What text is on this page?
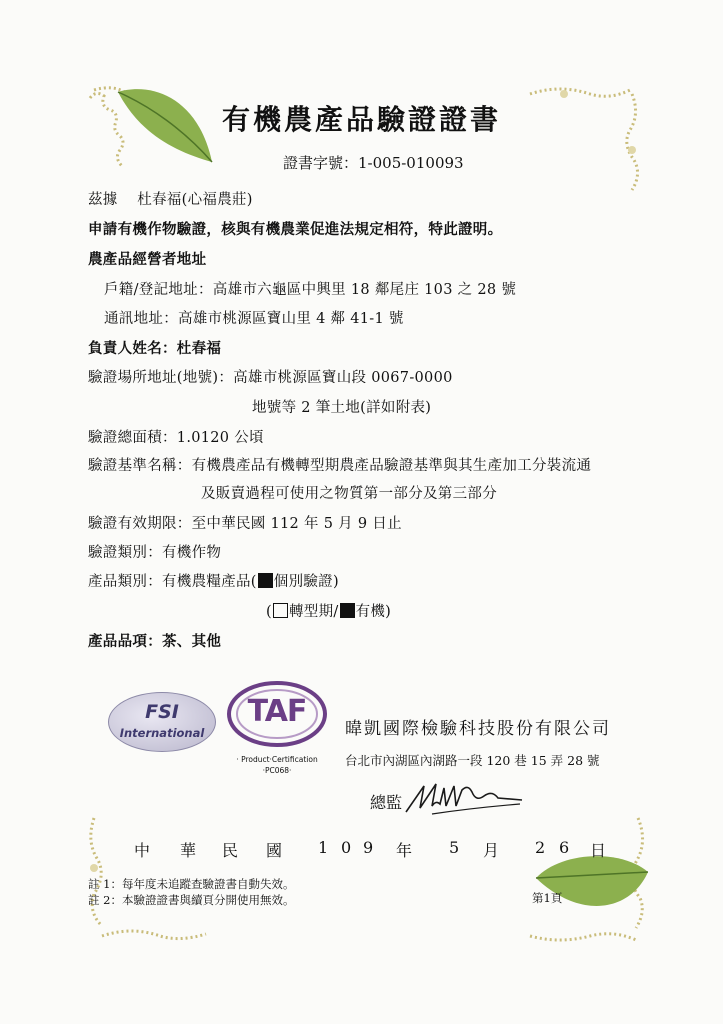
有機農產品驗證證書
證書字號：1-005-010093
茲據 杜春福(心福農莊)
申請有機作物驗證，核與有機農業促進法規定相符，特此證明。
農產品經營者地址
戶籍/登記地址：高雄市六龜區中興里 18 鄰尾庄 103 之 28 號
通訊地址：高雄市桃源區寶山里 4 鄰 41-1 號
負責人姓名：杜春福
驗證場所地址(地號)：高雄市桃源區寶山段 0067-0000
地號等 2 筆土地(詳如附表)
驗證總面積：1.0120 公頃
驗證基準名稱：有機農產品有機轉型期農產品驗證基準與其生產加工分裝流通
及販賣過程可使用之物質第一部分及第三部分
驗證有效期限：至中華民國 112 年 5 月 9 日止
驗證類別：有機作物
產品類別：有機農糧產品( 個別驗證)
( 轉型期/ 有機)
產品品項：茶、其他
FSI
International
TAF
· Product·Certification
·PC068·
暐凱國際檢驗科技股份有限公司
台北市內湖區內湖路一段 120 巷 15 弄 28 號
總監
中 華 民 國 1 0 9 年 5 月 2 6 日
註 1：每年度未追蹤查驗證書自動失效。
註 2：本驗證證書與續頁分開使用無效。	第1頁
